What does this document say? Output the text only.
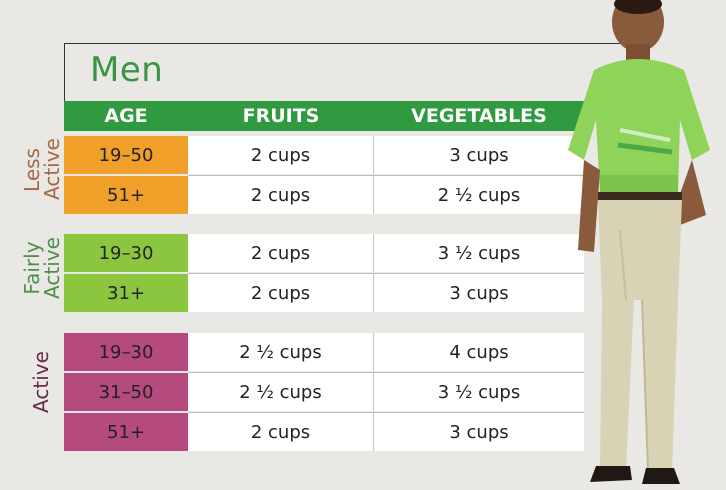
Men
AGE	FRUITS	VEGETABLES
Less
Active	19–50	2 cups	3 cups
51+	2 cups	2 ½ cups
Fairly
Active	19–30	2 cups	3 ½ cups
31+	2 cups	3 cups
Active	19–30	2 ½ cups	4 cups
31–50	2 ½ cups	3 ½ cups
51+	2 cups	3 cups
